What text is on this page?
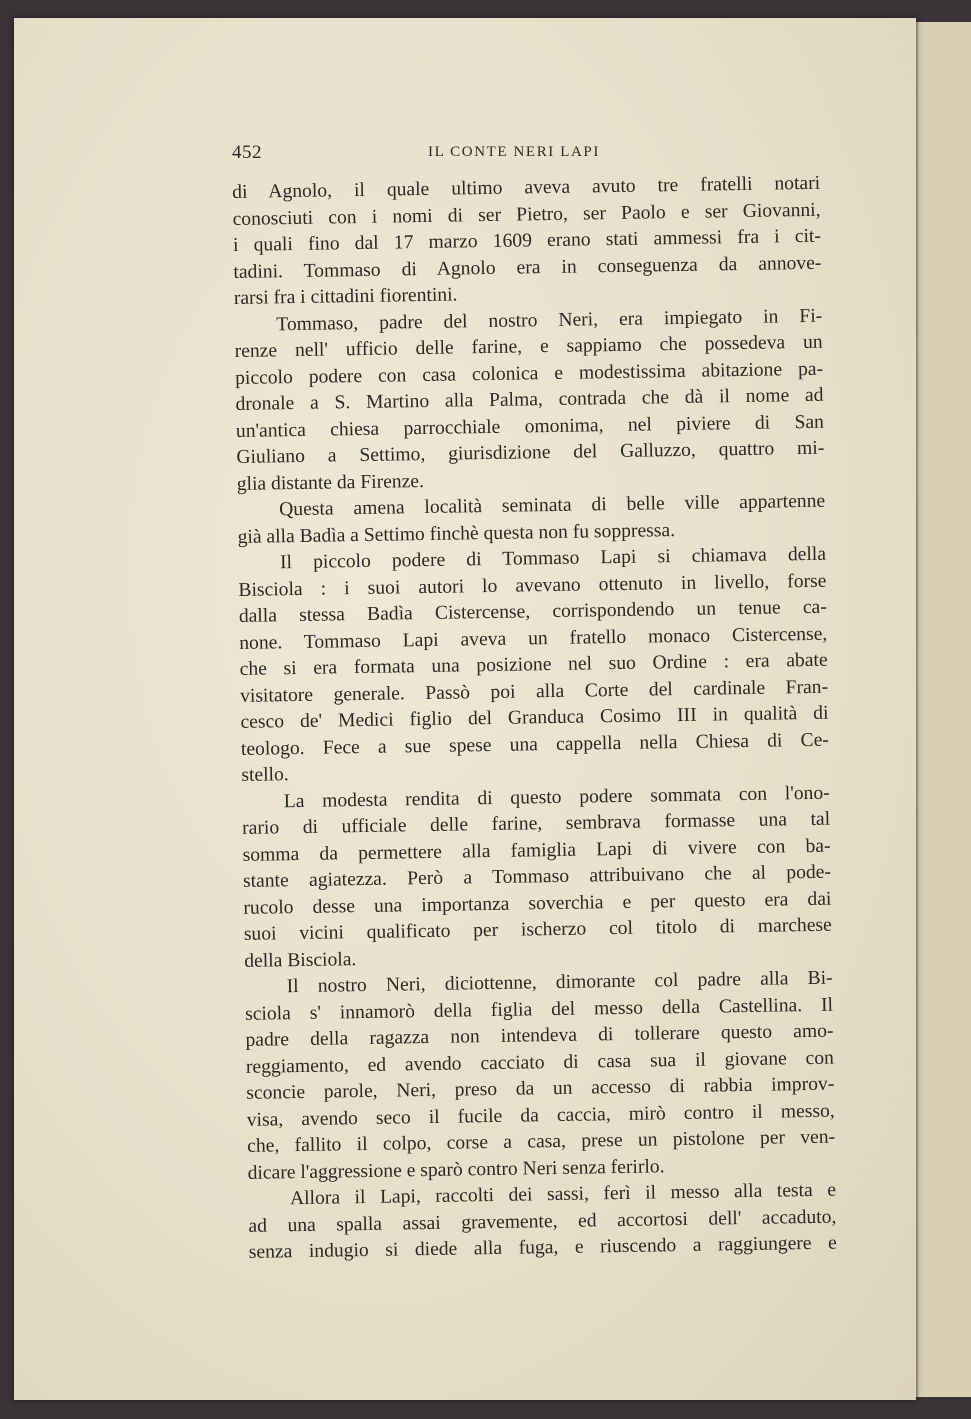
452	IL CONTE NERI LAPI
di Agnolo, il quale ultimo aveva avuto tre fratelli notari
conosciuti con i nomi di ser Pietro, ser Paolo e ser Giovanni,
i quali fino dal 17 marzo 1609 erano stati ammessi fra i cit-
tadini. Tommaso di Agnolo era in conseguenza da annove-
rarsi fra i cittadini fiorentini.
Tommaso, padre del nostro Neri, era impiegato in Fi-
renze nell' ufficio delle farine, e sappiamo che possedeva un
piccolo podere con casa colonica e modestissima abitazione pa-
dronale a S. Martino alla Palma, contrada che dà il nome ad
un'antica chiesa parrocchiale omonima, nel piviere di San
Giuliano a Settimo, giurisdizione del Galluzzo, quattro mi-
glia distante da Firenze.
Questa amena località seminata di belle ville appartenne
già alla Badìa a Settimo finchè questa non fu soppressa.
Il piccolo podere di Tommaso Lapi si chiamava della
Bisciola : i suoi autori lo avevano ottenuto in livello, forse
dalla stessa Badìa Cistercense, corrispondendo un tenue ca-
none. Tommaso Lapi aveva un fratello monaco Cistercense,
che si era formata una posizione nel suo Ordine : era abate
visitatore generale. Passò poi alla Corte del cardinale Fran-
cesco de' Medici figlio del Granduca Cosimo III in qualità di
teologo. Fece a sue spese una cappella nella Chiesa di Ce-
stello.
La modesta rendita di questo podere sommata con l'ono-
rario di ufficiale delle farine, sembrava formasse una tal
somma da permettere alla famiglia Lapi di vivere con ba-
stante agiatezza. Però a Tommaso attribuivano che al pode-
rucolo desse una importanza soverchia e per questo era dai
suoi vicini qualificato per ischerzo col titolo di marchese
della Bisciola.
Il nostro Neri, diciottenne, dimorante col padre alla Bi-
sciola s' innamorò della figlia del messo della Castellina. Il
padre della ragazza non intendeva di tollerare questo amo-
reggiamento, ed avendo cacciato di casa sua il giovane con
sconcie parole, Neri, preso da un accesso di rabbia improv-
visa, avendo seco il fucile da caccia, mirò contro il messo,
che, fallito il colpo, corse a casa, prese un pistolone per ven-
dicare l'aggressione e sparò contro Neri senza ferirlo.
Allora il Lapi, raccolti dei sassi, ferì il messo alla testa e
ad una spalla assai gravemente, ed accortosi dell' accaduto,
senza indugio si diede alla fuga, e riuscendo a raggiungere e
